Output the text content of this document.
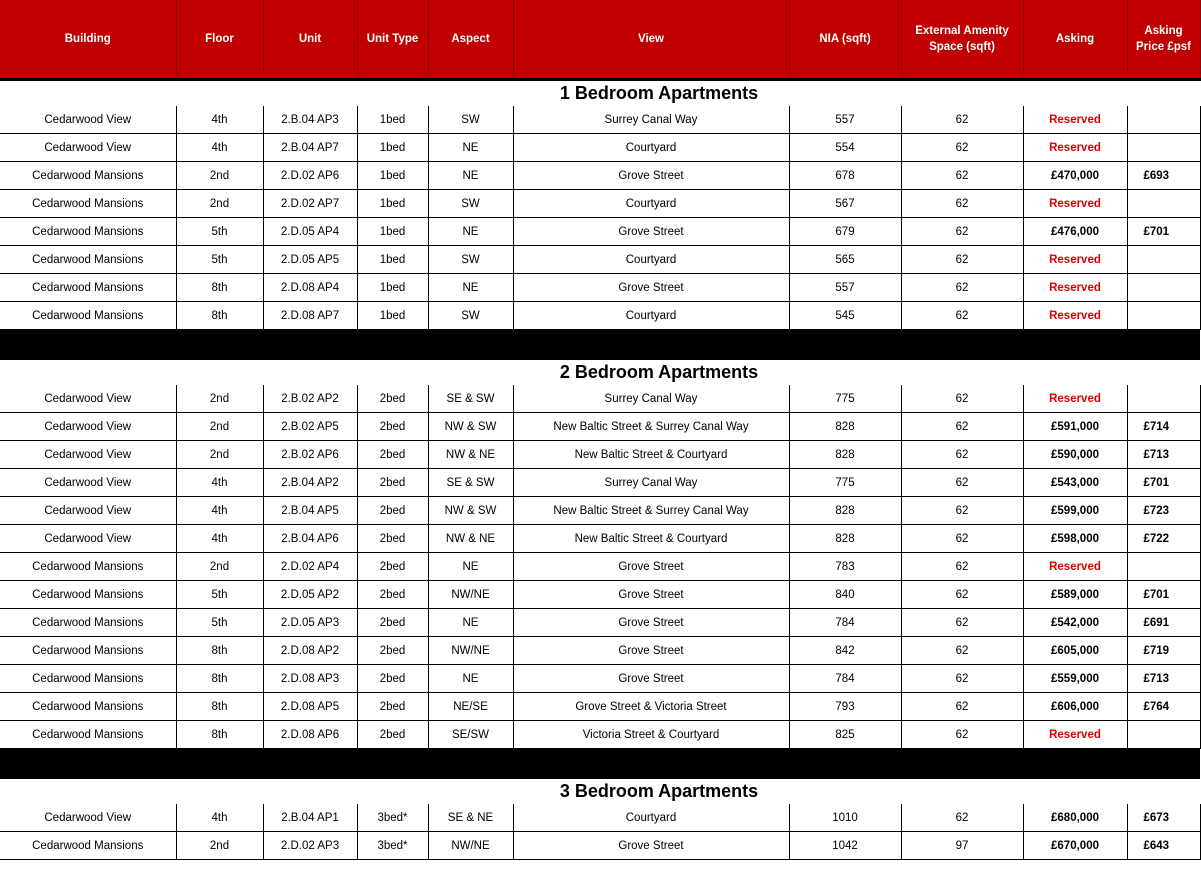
Building	Floor	Unit	Unit Type	Aspect	View	NIA (sqft)	External Amenity Space (sqft)	Asking	Asking Price £psf
1 Bedroom Apartments									
Cedarwood View	4th	2.B.04 AP3	1bed	SW	Surrey Canal Way	557	62	Reserved	
Cedarwood View	4th	2.B.04 AP7	1bed	NE	Courtyard	554	62	Reserved	
Cedarwood Mansions	2nd	2.D.02 AP6	1bed	NE	Grove Street	678	62	£470,000	£693
Cedarwood Mansions	2nd	2.D.02 AP7	1bed	SW	Courtyard	567	62	Reserved	
Cedarwood Mansions	5th	2.D.05 AP4	1bed	NE	Grove Street	679	62	£476,000	£701
Cedarwood Mansions	5th	2.D.05 AP5	1bed	SW	Courtyard	565	62	Reserved	
Cedarwood Mansions	8th	2.D.08 AP4	1bed	NE	Grove Street	557	62	Reserved	
Cedarwood Mansions	8th	2.D.08 AP7	1bed	SW	Courtyard	545	62	Reserved	

2 Bedroom Apartments									
Cedarwood View	2nd	2.B.02 AP2	2bed	SE & SW	Surrey Canal Way	775	62	Reserved	
Cedarwood View	2nd	2.B.02 AP5	2bed	NW & SW	New Baltic Street & Surrey Canal Way	828	62	£591,000	£714
Cedarwood View	2nd	2.B.02 AP6	2bed	NW & NE	New Baltic Street & Courtyard	828	62	£590,000	£713
Cedarwood View	4th	2.B.04 AP2	2bed	SE & SW	Surrey Canal Way	775	62	£543,000	£701
Cedarwood View	4th	2.B.04 AP5	2bed	NW & SW	New Baltic Street & Surrey Canal Way	828	62	£599,000	£723
Cedarwood View	4th	2.B.04 AP6	2bed	NW & NE	New Baltic Street & Courtyard	828	62	£598,000	£722
Cedarwood Mansions	2nd	2.D.02 AP4	2bed	NE	Grove Street	783	62	Reserved	
Cedarwood Mansions	5th	2.D.05 AP2	2bed	NW/NE	Grove Street	840	62	£589,000	£701
Cedarwood Mansions	5th	2.D.05 AP3	2bed	NE	Grove Street	784	62	£542,000	£691
Cedarwood Mansions	8th	2.D.08 AP2	2bed	NW/NE	Grove Street	842	62	£605,000	£719
Cedarwood Mansions	8th	2.D.08 AP3	2bed	NE	Grove Street	784	62	£559,000	£713
Cedarwood Mansions	8th	2.D.08 AP5	2bed	NE/SE	Grove Street & Victoria Street	793	62	£606,000	£764
Cedarwood Mansions	8th	2.D.08 AP6	2bed	SE/SW	Victoria Street & Courtyard	825	62	Reserved	

3 Bedroom Apartments									
Cedarwood View	4th	2.B.04 AP1	3bed*	SE & NE	Courtyard	1010	62	£680,000	£673
Cedarwood Mansions	2nd	2.D.02 AP3	3bed*	NW/NE	Grove Street	1042	97	£670,000	£643
